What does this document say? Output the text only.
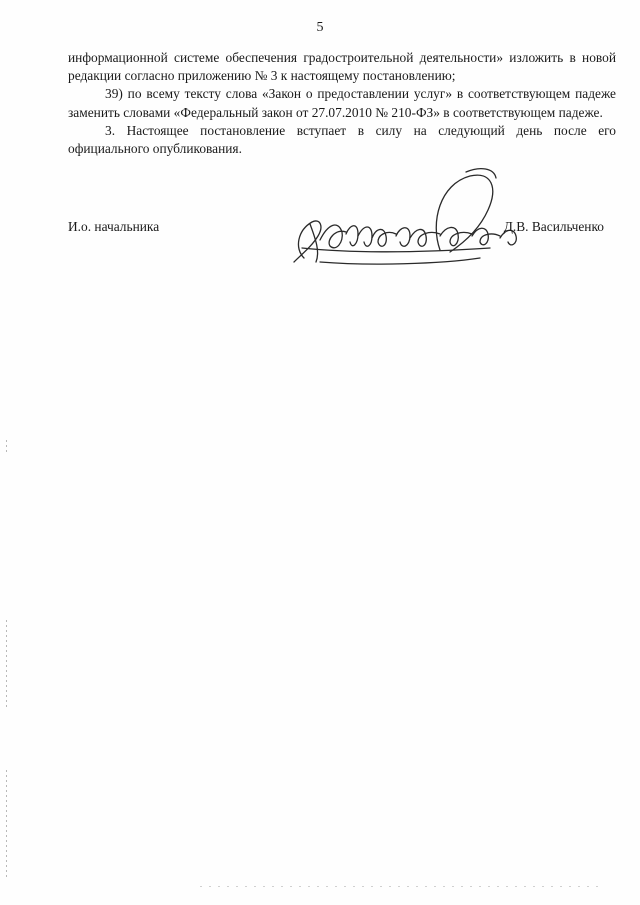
5

информационной системе обеспечения градостроительной деятельности» изложить в новой редакции согласно приложению № 3 к настоящему постановлению;

39) по всему тексту слова «Закон о предоставлении услуг» в соответствующем падеже заменить словами «Федеральный закон от 27.07.2010 № 210-ФЗ» в соответствующем падеже.

3. Настоящее постановление вступает в силу на следующий день после его официального опубликования.

И.о. начальника	Д.В. Васильченко
